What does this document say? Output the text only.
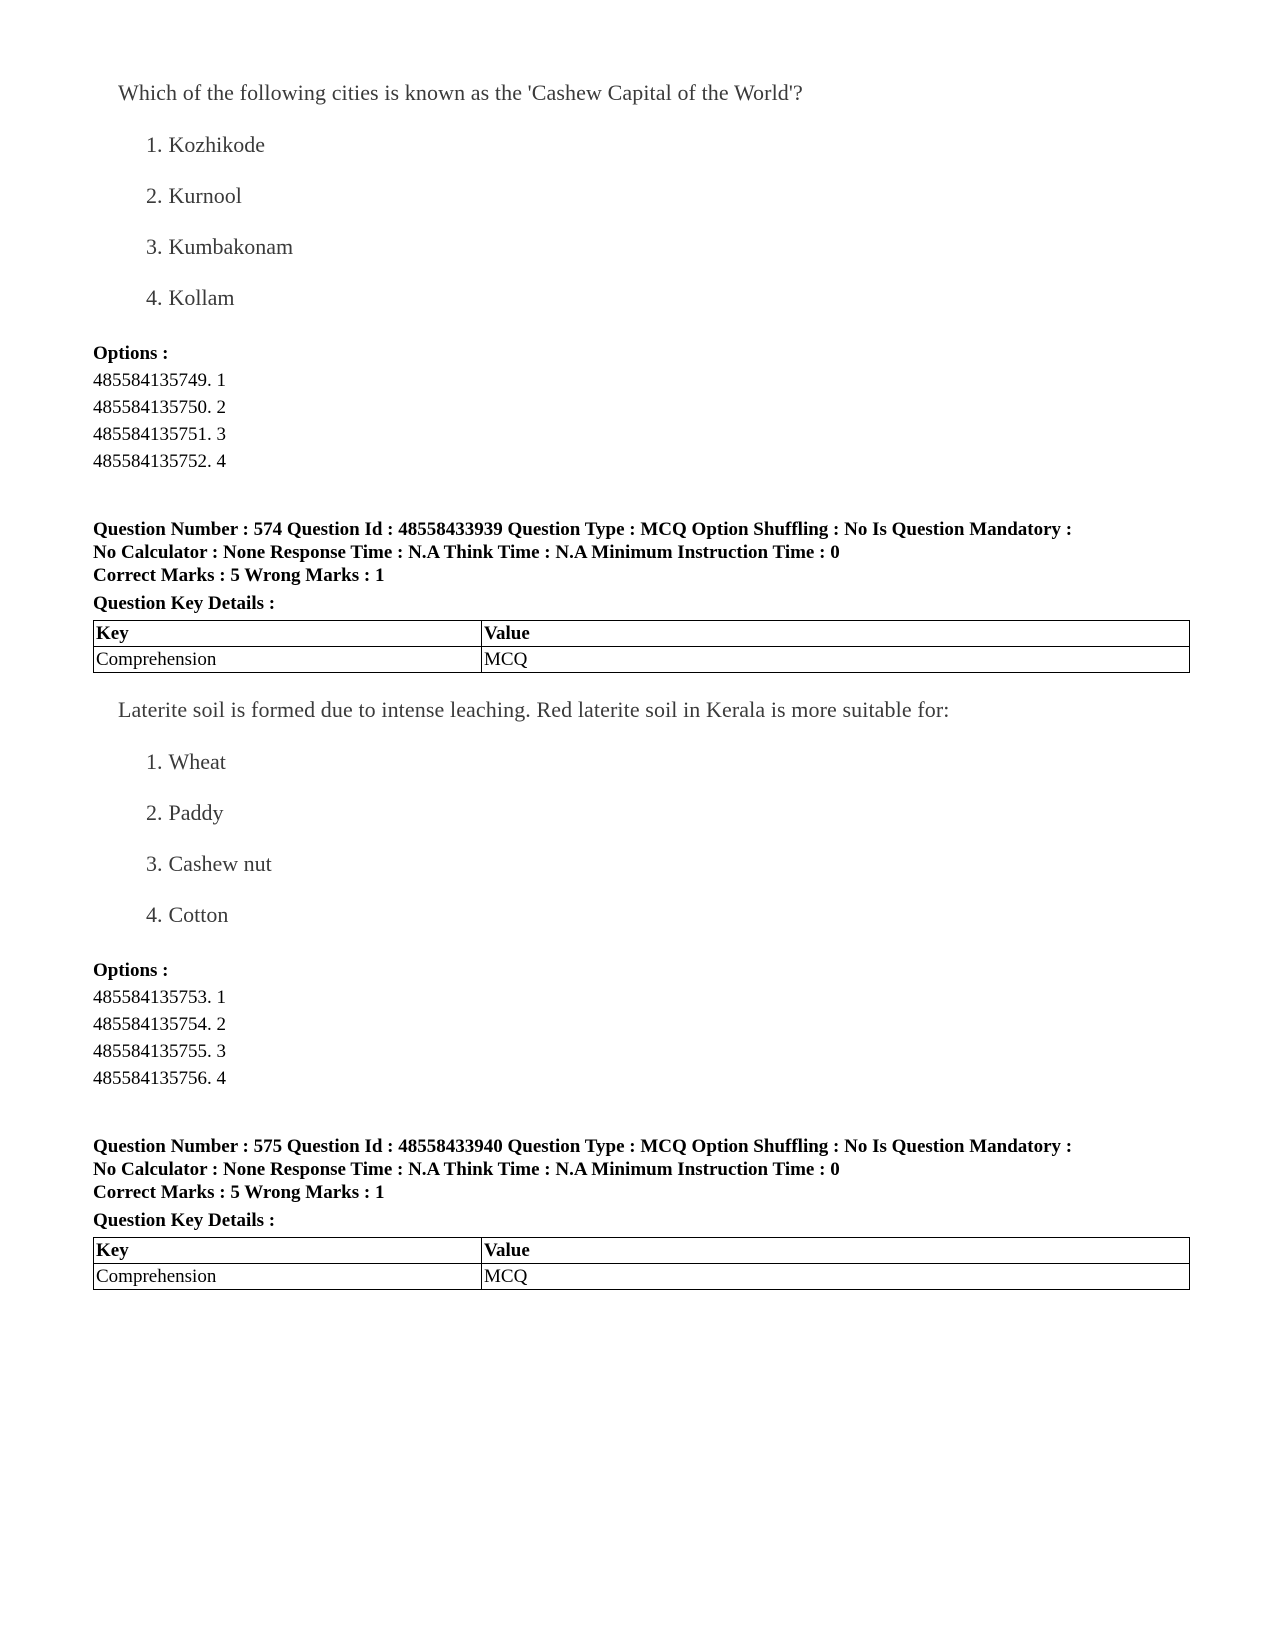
Which of the following cities is known as the 'Cashew Capital of the World'?
1. Kozhikode
2. Kurnool
3. Kumbakonam
4. Kollam
Options :
485584135749. 1
485584135750. 2
485584135751. 3
485584135752. 4
Question Number : 574 Question Id : 48558433939 Question Type : MCQ Option Shuffling : No Is Question Mandatory :
No Calculator : None Response Time : N.A Think Time : N.A Minimum Instruction Time : 0
Correct Marks : 5 Wrong Marks : 1
Question Key Details :
Key	Value
Comprehension	MCQ
Laterite soil is formed due to intense leaching. Red laterite soil in Kerala is more suitable for:
1. Wheat
2. Paddy
3. Cashew nut
4. Cotton
Options :
485584135753. 1
485584135754. 2
485584135755. 3
485584135756. 4
Question Number : 575 Question Id : 48558433940 Question Type : MCQ Option Shuffling : No Is Question Mandatory :
No Calculator : None Response Time : N.A Think Time : N.A Minimum Instruction Time : 0
Correct Marks : 5 Wrong Marks : 1
Question Key Details :
Key	Value
Comprehension	MCQ
